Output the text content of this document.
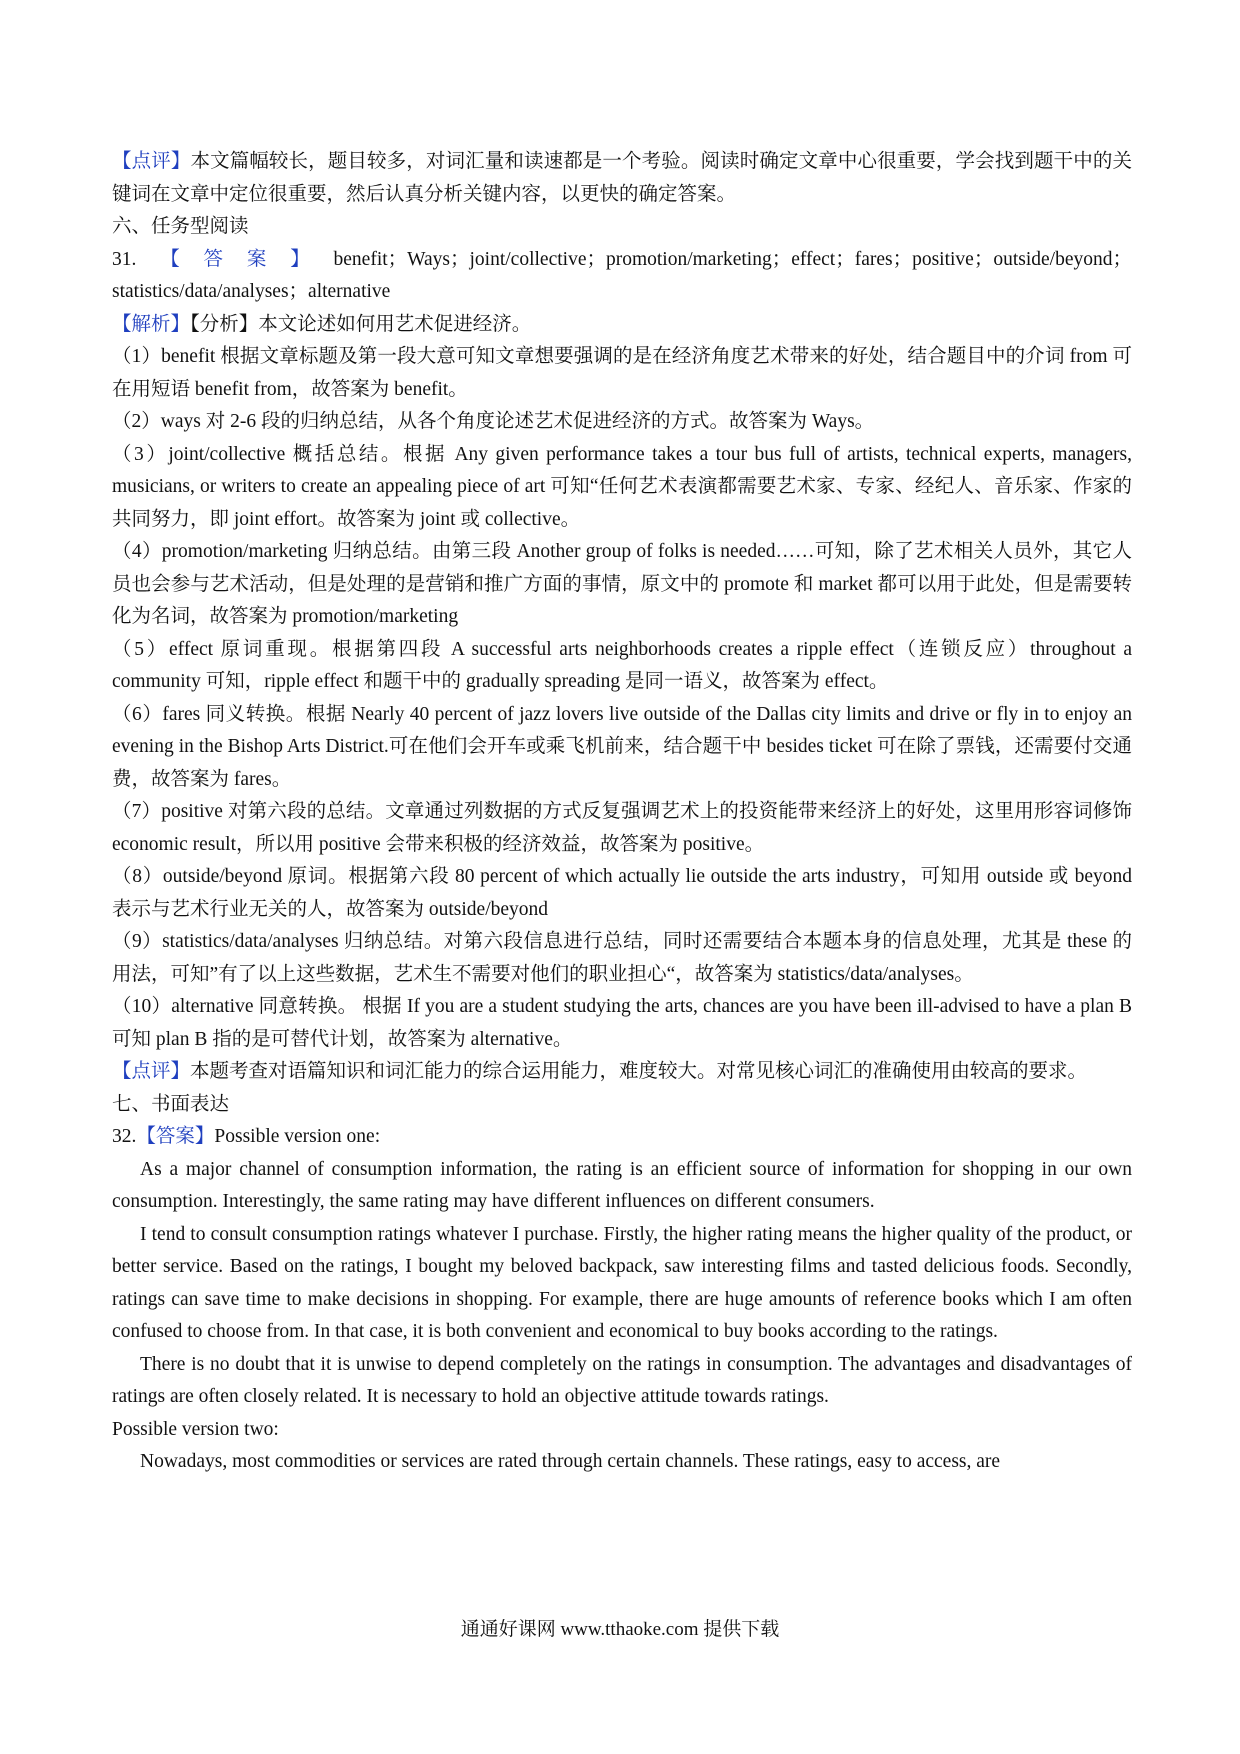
【点评】本文篇幅较长，题目较多，对词汇量和读速都是一个考验。阅读时确定文章中心很重要，学会找到题干中的关键词在文章中定位很重要，然后认真分析关键内容，以更快的确定答案。

六、任务型阅读

31.【答案】benefit；Ways；joint/collective；promotion/marketing；effect；fares；positive；outside/beyond；statistics/data/analyses；alternative

【解析】【分析】本文论述如何用艺术促进经济。

（1）benefit 根据文章标题及第一段大意可知文章想要强调的是在经济角度艺术带来的好处，结合题目中的介词 from 可在用短语 benefit from，故答案为 benefit。

（2）ways 对 2-6 段的归纳总结，从各个角度论述艺术促进经济的方式。故答案为 Ways。

（3）joint/collective 概括总结。根据 Any given performance takes a tour bus full of artists, technical experts, managers, musicians, or writers to create an appealing piece of art 可知“任何艺术表演都需要艺术家、专家、经纪人、音乐家、作家的共同努力，即 joint effort。故答案为 joint 或 collective。

（4）promotion/marketing 归纳总结。由第三段 Another group of folks is needed……可知，除了艺术相关人员外，其它人员也会参与艺术活动，但是处理的是营销和推广方面的事情，原文中的 promote 和 market 都可以用于此处，但是需要转化为名词，故答案为 promotion/marketing

（5）effect 原词重现。根据第四段 A successful arts neighborhoods creates a ripple effect（连锁反应）throughout a community 可知，ripple effect 和题干中的 gradually spreading 是同一语义，故答案为 effect。

（6）fares 同义转换。根据 Nearly 40 percent of jazz lovers live outside of the Dallas city limits and drive or fly in to enjoy an evening in the Bishop Arts District.可在他们会开车或乘飞机前来，结合题干中 besides ticket 可在除了票钱，还需要付交通费，故答案为 fares。

（7）positive 对第六段的总结。文章通过列数据的方式反复强调艺术上的投资能带来经济上的好处，这里用形容词修饰 economic result，所以用 positive 会带来积极的经济效益，故答案为 positive。

（8）outside/beyond 原词。根据第六段 80 percent of which actually lie outside the arts industry，可知用 outside 或 beyond 表示与艺术行业无关的人，故答案为 outside/beyond

（9）statistics/data/analyses 归纳总结。对第六段信息进行总结，同时还需要结合本题本身的信息处理，尤其是 these 的用法，可知”有了以上这些数据，艺术生不需要对他们的职业担心“，故答案为 statistics/data/analyses。

（10）alternative 同意转换。 根据 If you are a student studying the arts, chances are you have been ill-advised to have a plan B 可知 plan B 指的是可替代计划，故答案为 alternative。

【点评】本题考查对语篇知识和词汇能力的综合运用能力，难度较大。对常见核心词汇的准确使用由较高的要求。

七、书面表达

32.【答案】Possible version one:

As a major channel of consumption information, the rating is an efficient source of information for shopping in our own consumption. Interestingly, the same rating may have different influences on different consumers.

I tend to consult consumption ratings whatever I purchase. Firstly, the higher rating means the higher quality of the product, or better service. Based on the ratings, I bought my beloved backpack, saw interesting films and tasted delicious foods. Secondly, ratings can save time to make decisions in shopping. For example, there are huge amounts of reference books which I am often confused to choose from. In that case, it is both convenient and economical to buy books according to the ratings.

There is no doubt that it is unwise to depend completely on the ratings in consumption. The advantages and disadvantages of ratings are often closely related. It is necessary to hold an objective attitude towards ratings.

Possible version two:

Nowadays, most commodities or services are rated through certain channels. These ratings, easy to access, are

通通好课网 www.tthaoke.com 提供下载
